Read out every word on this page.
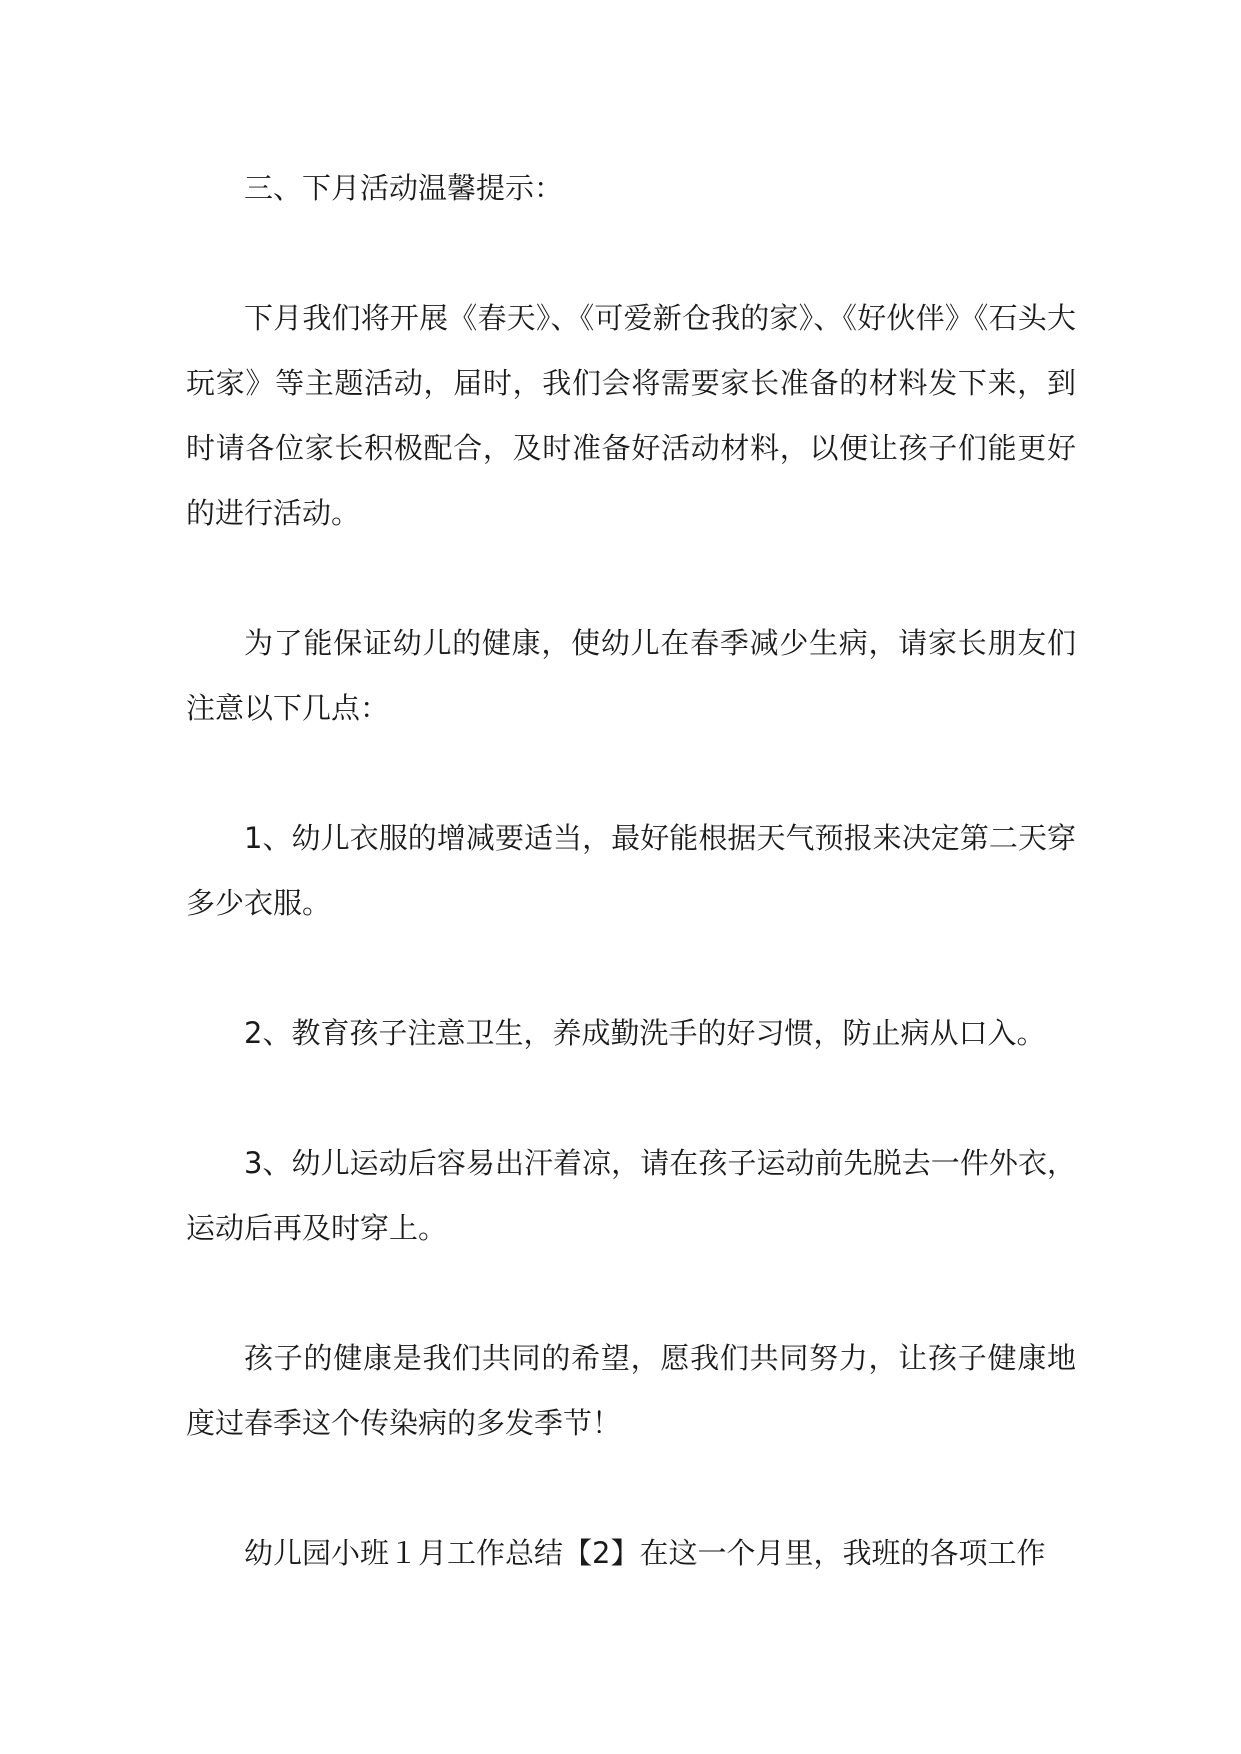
三、下月活动温馨提示：

下月我们将开展《春天》、《可爱新仓我的家》、《好伙伴》《石头大玩家》等主题活动，届时，我们会将需要家长准备的材料发下来，到时请各位家长积极配合，及时准备好活动材料，以便让孩子们能更好的进行活动。

为了能保证幼儿的健康，使幼儿在春季减少生病，请家长朋友们注意以下几点：

1、幼儿衣服的增减要适当，最好能根据天气预报来决定第二天穿多少衣服。

2、教育孩子注意卫生，养成勤洗手的好习惯，防止病从口入。

3、幼儿运动后容易出汗着凉，请在孩子运动前先脱去一件外衣，运动后再及时穿上。

孩子的健康是我们共同的希望，愿我们共同努力，让孩子健康地度过春季这个传染病的多发季节！

幼儿园小班１月工作总结【2】在这一个月里，我班的各项工作
